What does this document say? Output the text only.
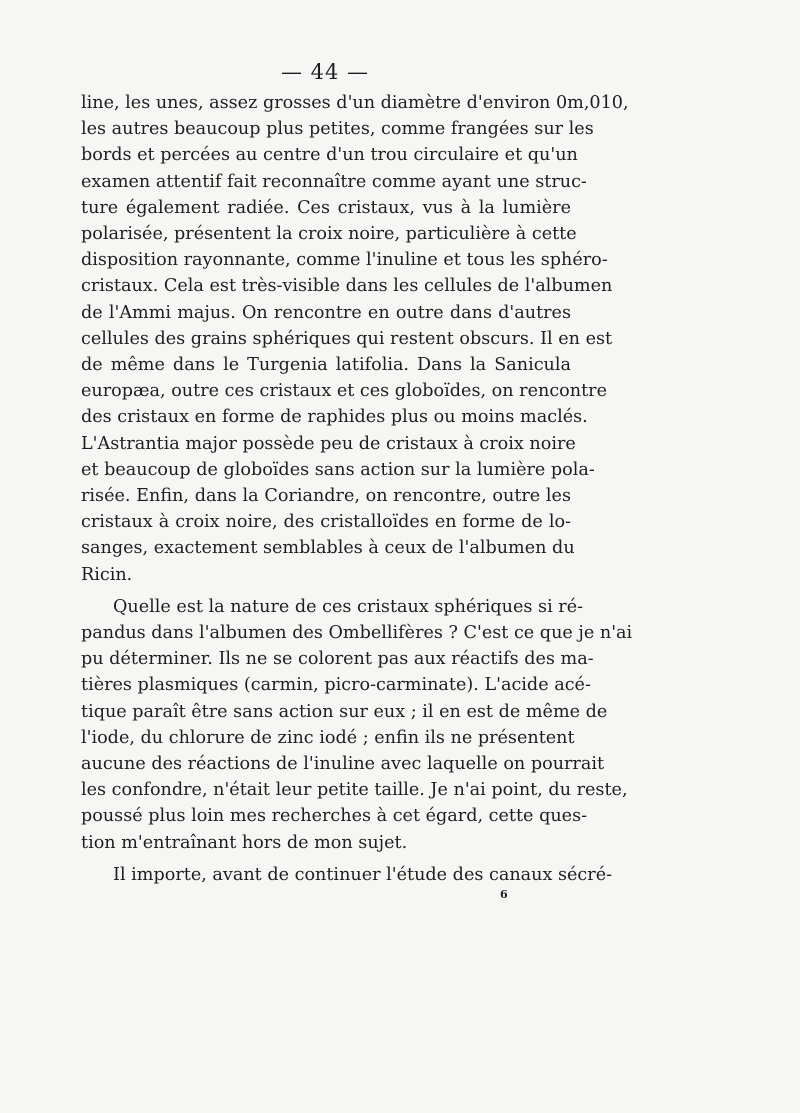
— 44 —
line, les unes, assez grosses d'un diamètre d'environ 0m,010,
les autres beaucoup plus petites, comme frangées sur les
bords et percées au centre d'un trou circulaire et qu'un
examen attentif fait reconnaître comme ayant une struc-
ture également radiée. Ces cristaux, vus à la lumière
polarisée, présentent la croix noire, particulière à cette
disposition rayonnante, comme l'inuline et tous les sphéro-
cristaux. Cela est très-visible dans les cellules de l'albumen
de l'Ammi majus. On rencontre en outre dans d'autres
cellules des grains sphériques qui restent obscurs. Il en est
de même dans le Turgenia latifolia. Dans la Sanicula
europæa, outre ces cristaux et ces globoïdes, on rencontre
des cristaux en forme de raphides plus ou moins maclés.
L'Astrantia major possède peu de cristaux à croix noire
et beaucoup de globoïdes sans action sur la lumière pola-
risée. Enfin, dans la Coriandre, on rencontre, outre les
cristaux à croix noire, des cristalloïdes en forme de lo-
sanges, exactement semblables à ceux de l'albumen du
Ricin.
Quelle est la nature de ces cristaux sphériques si ré-
pandus dans l'albumen des Ombellifères ? C'est ce que je n'ai
pu déterminer. Ils ne se colorent pas aux réactifs des ma-
tières plasmiques (carmin, picro-carminate). L'acide acé-
tique paraît être sans action sur eux ; il en est de même de
l'iode, du chlorure de zinc iodé ; enfin ils ne présentent
aucune des réactions de l'inuline avec laquelle on pourrait
les confondre, n'était leur petite taille. Je n'ai point, du reste,
poussé plus loin mes recherches à cet égard, cette ques-
tion m'entraînant hors de mon sujet.
Il importe, avant de continuer l'étude des canaux sécré-
6
